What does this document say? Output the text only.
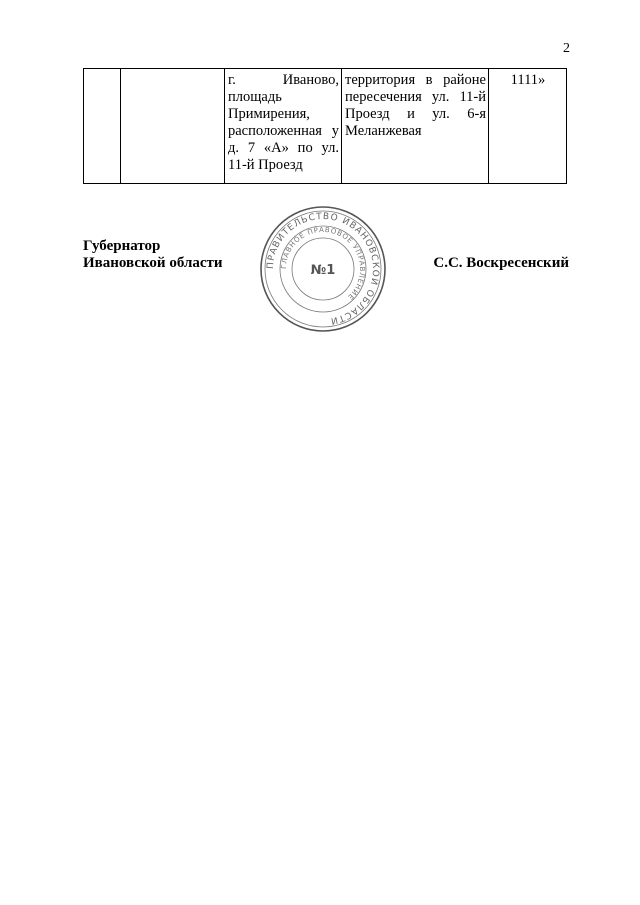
2
		г. Иваново, площадь Примирения, расположенная у д. 7 «А» по ул. 11-й Проезд	территория в районе пересечения ул. 11-й Проезд и ул. 6-я Меланжевая	1111»
Губернатор
Ивановской области	ПРАВИТЕЛЬСТВО ИВАНОВСКОЙ ОБЛАСТИ
ГЛАВНОЕ ПРАВОВОЕ УПРАВЛЕНИЕ
№1	С.С. Воскресенский
